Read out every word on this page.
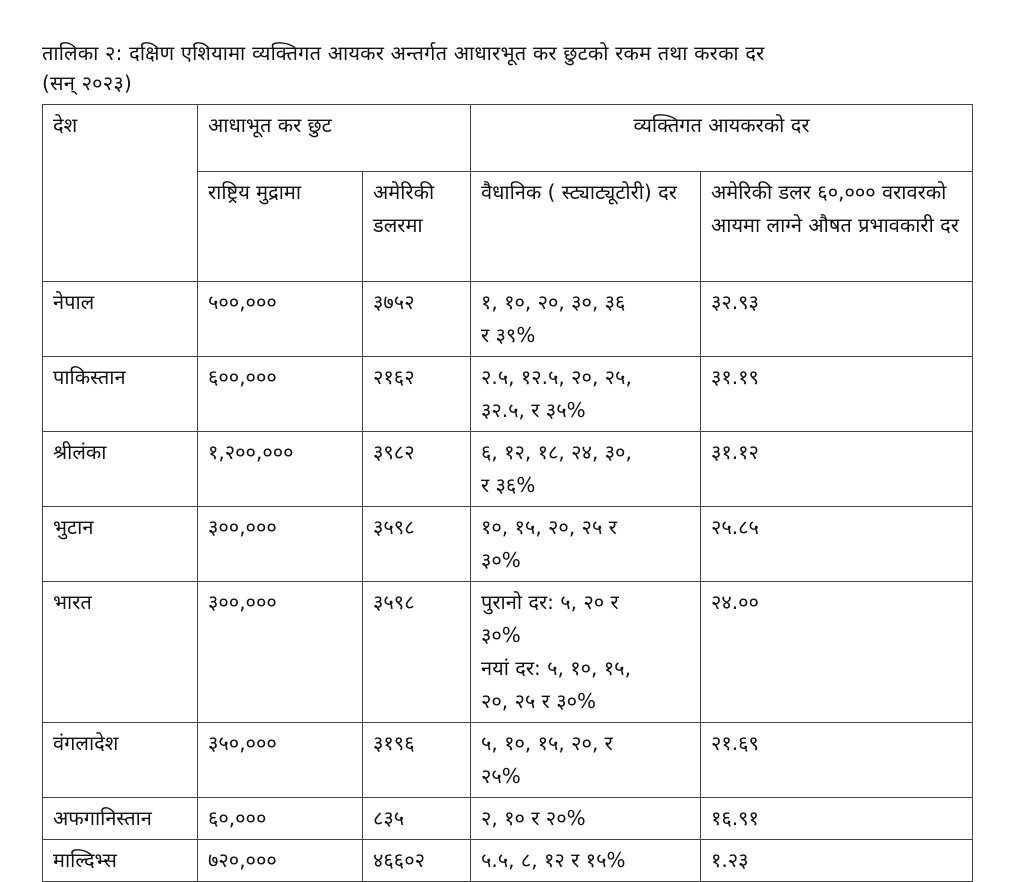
तालिका २: दक्षिण एशियामा व्यक्तिगत आयकर अन्तर्गत आधारभूत कर छुटको रकम तथा करका दर
(सन् २०२३)
देश	आधाभूत कर छुट		व्यक्तिगत आयकरको दर	
	राष्ट्रिय मुद्रामा	अमेरिकी डलरमा	वैधानिक ( स्ट्याट्यूटोरी) दर	अमेरिकी डलर ६०,००० वरावरको आयमा लाग्ने औषत प्रभावकारी दर
नेपाल	५००,०००	३७५२	१, १०, २०, ३०, ३६
र ३९%	३२.९३
पाकिस्तान	६००,०००	२१६२	२.५, १२.५, २०, २५,
३२.५, र ३५%	३१.१९
श्रीलंका	१,२००,०००	३९८२	६, १२, १८, २४, ३०,
र ३६%	३१.१२
भुटान	३००,०००	३५९८	१०, १५, २०, २५ र
३०%	२५.८५
भारत	३००,०००	३५९८	पुरानो दर: ५, २० र
३०%
नयां दर: ५, १०, १५,
२०, २५ र ३०%	२४.००
वंगलादेश	३५०,०००	३१९६	५, १०, १५, २०, र
२५%	२१.६९
अफगानिस्तान	६०,०००	८३५	२, १० र २०%	१६.९१
माल्दिभ्स	७२०,०००	४६६०२	५.५, ८, १२ र १५%	१.२३
